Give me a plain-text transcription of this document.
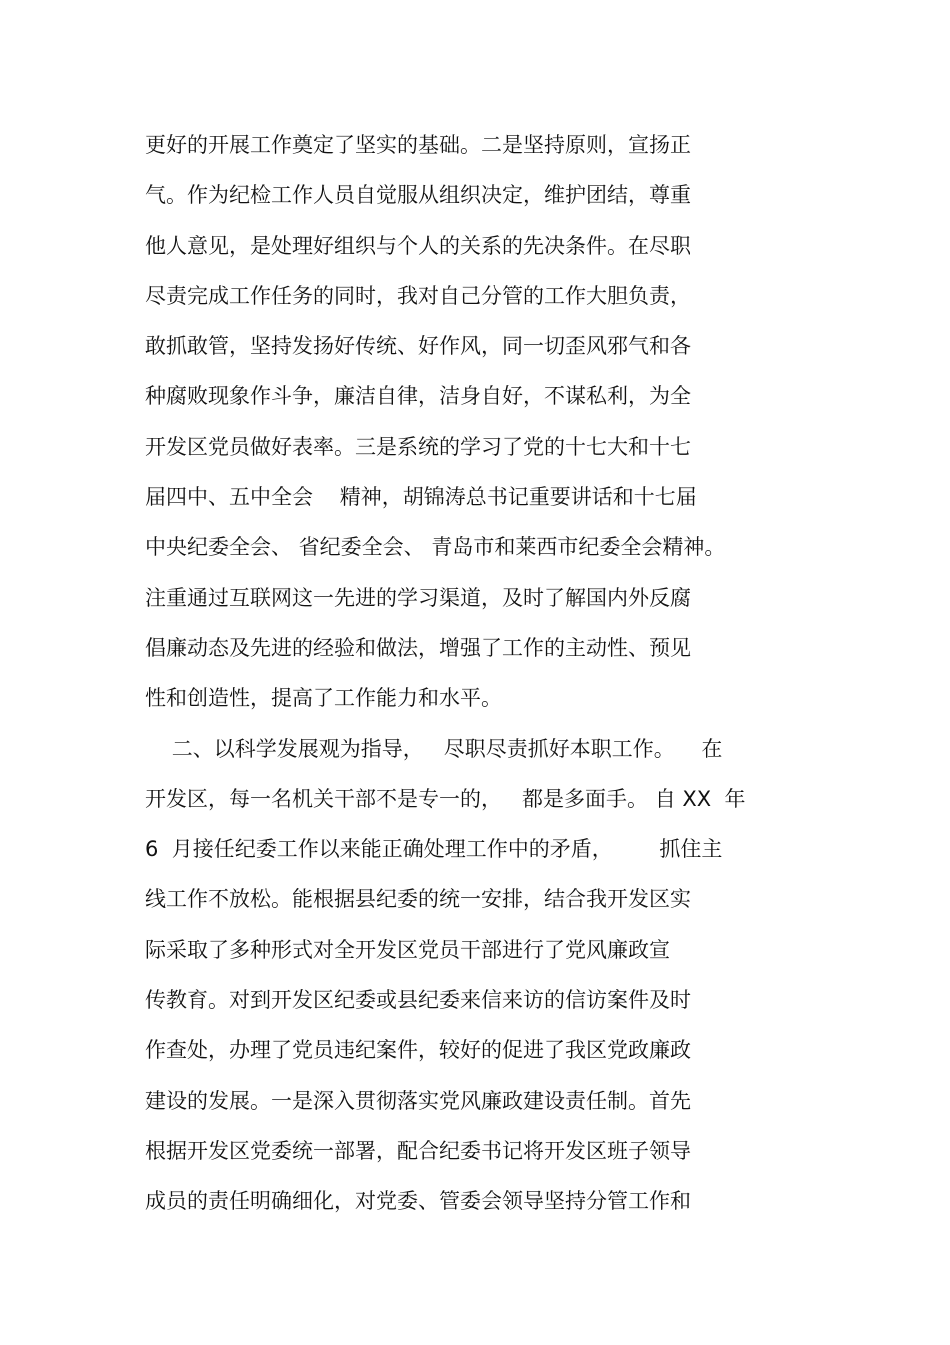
更好的开展工作奠定了坚实的基础。二是坚持原则，宣扬正
气。作为纪检工作人员自觉服从组织决定，维护团结，尊重
他人意见，是处理好组织与个人的关系的先决条件。在尽职
尽责完成工作任务的同时，我对自己分管的工作大胆负责，
敢抓敢管，坚持发扬好传统、好作风，同一切歪风邪气和各
种腐败现象作斗争，廉洁自律，洁身自好，不谋私利，为全
开发区党员做好表率。三是系统的学习了党的十七大和十七
届四中、五中全会    精神，胡锦涛总书记重要讲话和十七届
中央纪委全会、 省纪委全会、 青岛市和莱西市纪委全会精神。
注重通过互联网这一先进的学习渠道，及时了解国内外反腐
倡廉动态及先进的经验和做法，增强了工作的主动性、预见
性和创造性，提高了工作能力和水平。
二、以科学发展观为指导，   尽职尽责抓好本职工作。    在
开发区，每一名机关干部不是专一的，   都是多面手。 自 XX  年
6  月接任纪委工作以来能正确处理工作中的矛盾，       抓住主
线工作不放松。能根据县纪委的统一安排，结合我开发区实
际采取了多种形式对全开发区党员干部进行了党风廉政宣
传教育。对到开发区纪委或县纪委来信来访的信访案件及时
作查处，办理了党员违纪案件，较好的促进了我区党政廉政
建设的发展。一是深入贯彻落实党风廉政建设责任制。首先
根据开发区党委统一部署，配合纪委书记将开发区班子领导
成员的责任明确细化，对党委、管委会领导坚持分管工作和
